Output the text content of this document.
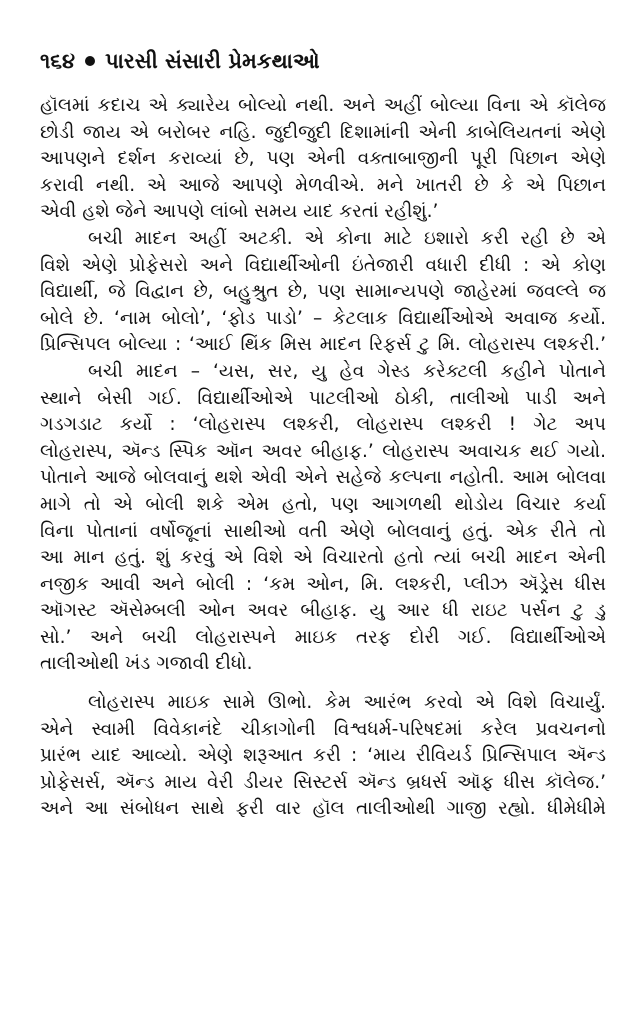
૧૬૪ પારસી સંસારી પ્રેમકથાઓ
હૉલમાં કદાચ એ ક્યારેય બોલ્યો નથી. અને અહીં બોલ્યા વિના એ કૉલેજ
છોડી જાય એ બરોબર નહિ. જુદીજુદી દિશામાંની એની કાબેલિયતનાં એણે
આપણને દર્શન કરાવ્યાં છે, પણ એની વક્તાબાજીની પૂરી પિછાન એણે
કરાવી નથી. એ આજે આપણે મેળવીએ. મને ખાતરી છે કે એ પિછાન
એવી હશે જેને આપણે લાંબો સમય યાદ કરતાં રહીશું.’
બચી માદન અહીં અટકી. એ કોના માટે ઇશારો કરી રહી છે એ
વિશે એણે પ્રોફેસરો અને વિદ્યાર્થીઓની ઇંતેજારી વધારી દીધી : એ કોણ
વિદ્યાર્થી, જે વિદ્વાન છે, બહુશ્રુત છે, પણ સામાન્યપણે જાહેરમાં જવલ્લે જ
બોલે છે. ‘નામ બોલો’, ‘ફોડ પાડો’ – કેટલાક વિદ્યાર્થીઓએ અવાજ કર્યો.
પ્રિન્સિપલ બોલ્યા : ‘આઈ થિંક મિસ માદન રિફર્સ ટુ મિ. લોહરાસ્પ લશ્કરી.’
બચી માદન – ‘યસ, સર, યુ હેવ ગેસ્ડ કરેક્ટલી કહીને પોતાને
સ્થાને બેસી ગઈ. વિદ્યાર્થીઓએ પાટલીઓ ઠોકી, તાલીઓ પાડી અને
ગડગડાટ કર્યો : ‘લોહરાસ્પ લશ્કરી, લોહરાસ્પ લશ્કરી ! ગેટ અપ
લોહરાસ્પ, ઍન્ડ સ્પિક ઑન અવર બીહાફ.’ લોહરાસ્પ અવાચક થઈ ગયો.
પોતાને આજે બોલવાનું થશે એવી એને સહેજે કલ્પના નહોતી. આમ બોલવા
માગે તો એ બોલી શકે એમ હતો, પણ આગળથી થોડોય વિચાર કર્યા
વિના પોતાનાં વર્ષોજૂનાં સાથીઓ વતી એણે બોલવાનું હતું. એક રીતે તો
આ માન હતું. શું કરવું એ વિશે એ વિચારતો હતો ત્યાં બચી માદન એની
નજીક આવી અને બોલી : ‘કમ ઓન, મિ. લશ્કરી, પ્લીઝ ઍડ્રેસ ધીસ
ઑગસ્ટ ઍસેમ્બલી ઓન અવર બીહાફ. યુ આર ધી રાઇટ પર્સન ટુ ડુ
સો.’ અને બચી લોહરાસ્પને માઇક તરફ દોરી ગઈ. વિદ્યાર્થીઓએ
તાલીઓથી ખંડ ગજાવી દીધો.
લોહરાસ્પ માઇક સામે ઊભો. કેમ આરંભ કરવો એ વિશે વિચાર્યું.
એને સ્વામી વિવેકાનંદે ચીકાગોની વિશ્વધર્મ-પરિષદમાં કરેલ પ્રવચનનો
પ્રારંભ યાદ આવ્યો. એણે શરૂઆત કરી : ‘માય રીવિયર્ડ પ્રિન્સિપાલ ઍન્ડ
પ્રોફેસર્સ, ઍન્ડ માય વેરી ડીયર સિસ્ટર્સ ઍન્ડ બ્રધર્સ ઑફ ધીસ કૉલેજ.’
અને આ સંબોધન સાથે ફરી વાર હૉલ તાલીઓથી ગાજી રહ્યો. ધીમેધીમે
